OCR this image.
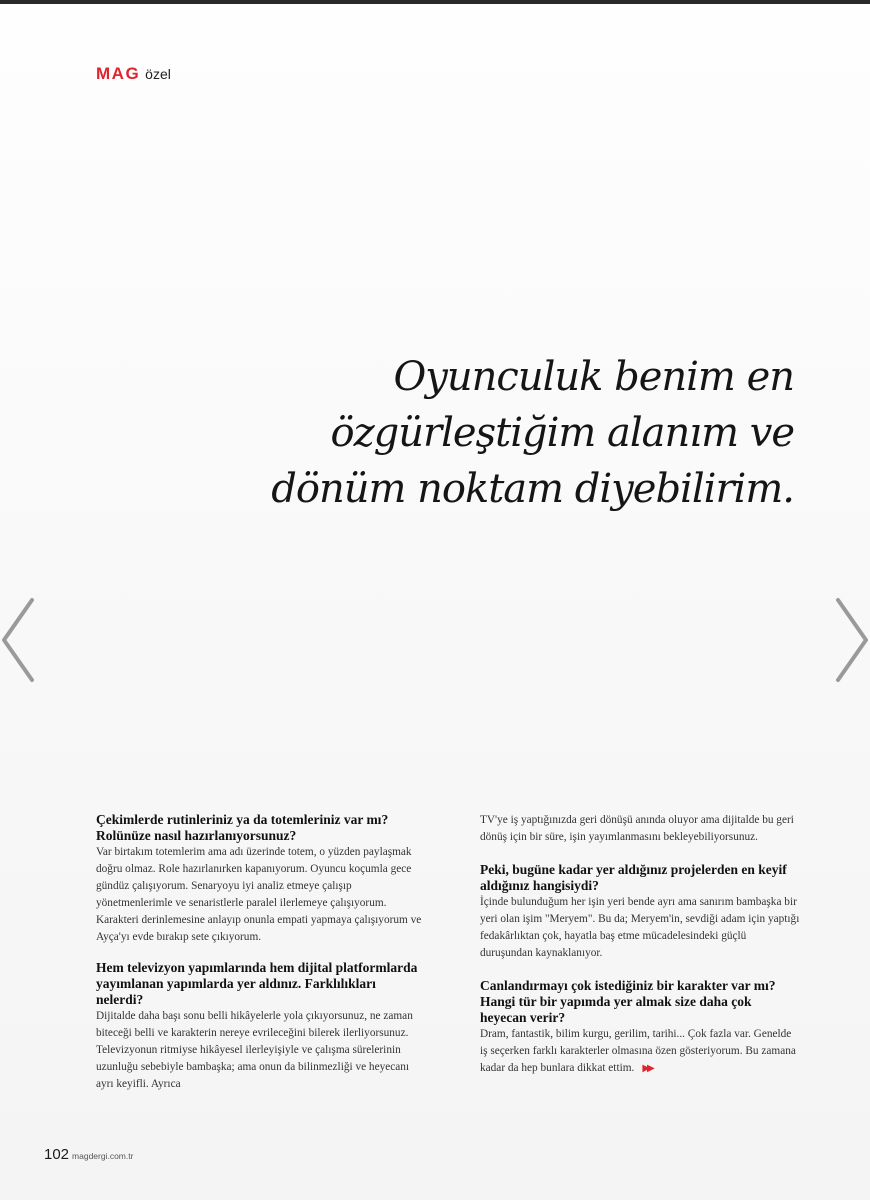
MAG özel
Oyunculuk benim en
özgürleştiğim alanım ve
dönüm noktam diyebilirim.
Çekimlerde rutinleriniz ya da totemleriniz var mı? Rolünüze nasıl hazırlanıyorsunuz?
Var birtakım totemlerim ama adı üzerinde totem, o yüzden paylaşmak doğru olmaz. Role hazırlanırken kapanıyorum. Oyuncu koçumla gece gündüz çalışıyorum. Senaryoyu iyi analiz etmeye çalışıp yönetmenlerimle ve senaristlerle paralel ilerlemeye çalışıyorum. Karakteri derinlemesine anlayıp onunla empati yapmaya çalışıyorum ve Ayça'yı evde bırakıp sete çıkıyorum.
Hem televizyon yapımlarında hem dijital platformlarda yayımlanan yapımlarda yer aldınız. Farklılıkları nelerdi?
Dijitalde daha başı sonu belli hikâyelerle yola çıkıyorsunuz, ne zaman biteceği belli ve karakterin nereye evrileceğini bilerek ilerliyorsunuz. Televizyonun ritmiyse hikâyesel ilerleyişiyle ve çalışma sürelerinin uzunluğu sebebiyle bambaşka; ama onun da bilinmezliği ve heyecanı ayrı keyifli. Ayrıca
TV'ye iş yaptığınızda geri dönüşü anında oluyor ama dijitalde bu geri dönüş için bir süre, işin yayımlanmasını bekleyebiliyorsunuz.
Peki, bugüne kadar yer aldığınız projelerden en keyif aldığınız hangisiydi?
İçinde bulunduğum her işin yeri bende ayrı ama sanırım bambaşka bir yeri olan işim "Meryem". Bu da; Meryem'in, sevdiği adam için yaptığı fedakârlıktan çok, hayatla baş etme mücadelesindeki güçlü duruşundan kaynaklanıyor.
Canlandırmayı çok istediğiniz bir karakter var mı? Hangi tür bir yapımda yer almak size daha çok heyecan verir?
Dram, fantastik, bilim kurgu, gerilim, tarihi... Çok fazla var. Genelde iş seçerken farklı karakterler olmasına özen gösteriyorum. Bu zamana kadar da hep bunlara dikkat ettim. ▶▶
102 magdergi.com.tr
